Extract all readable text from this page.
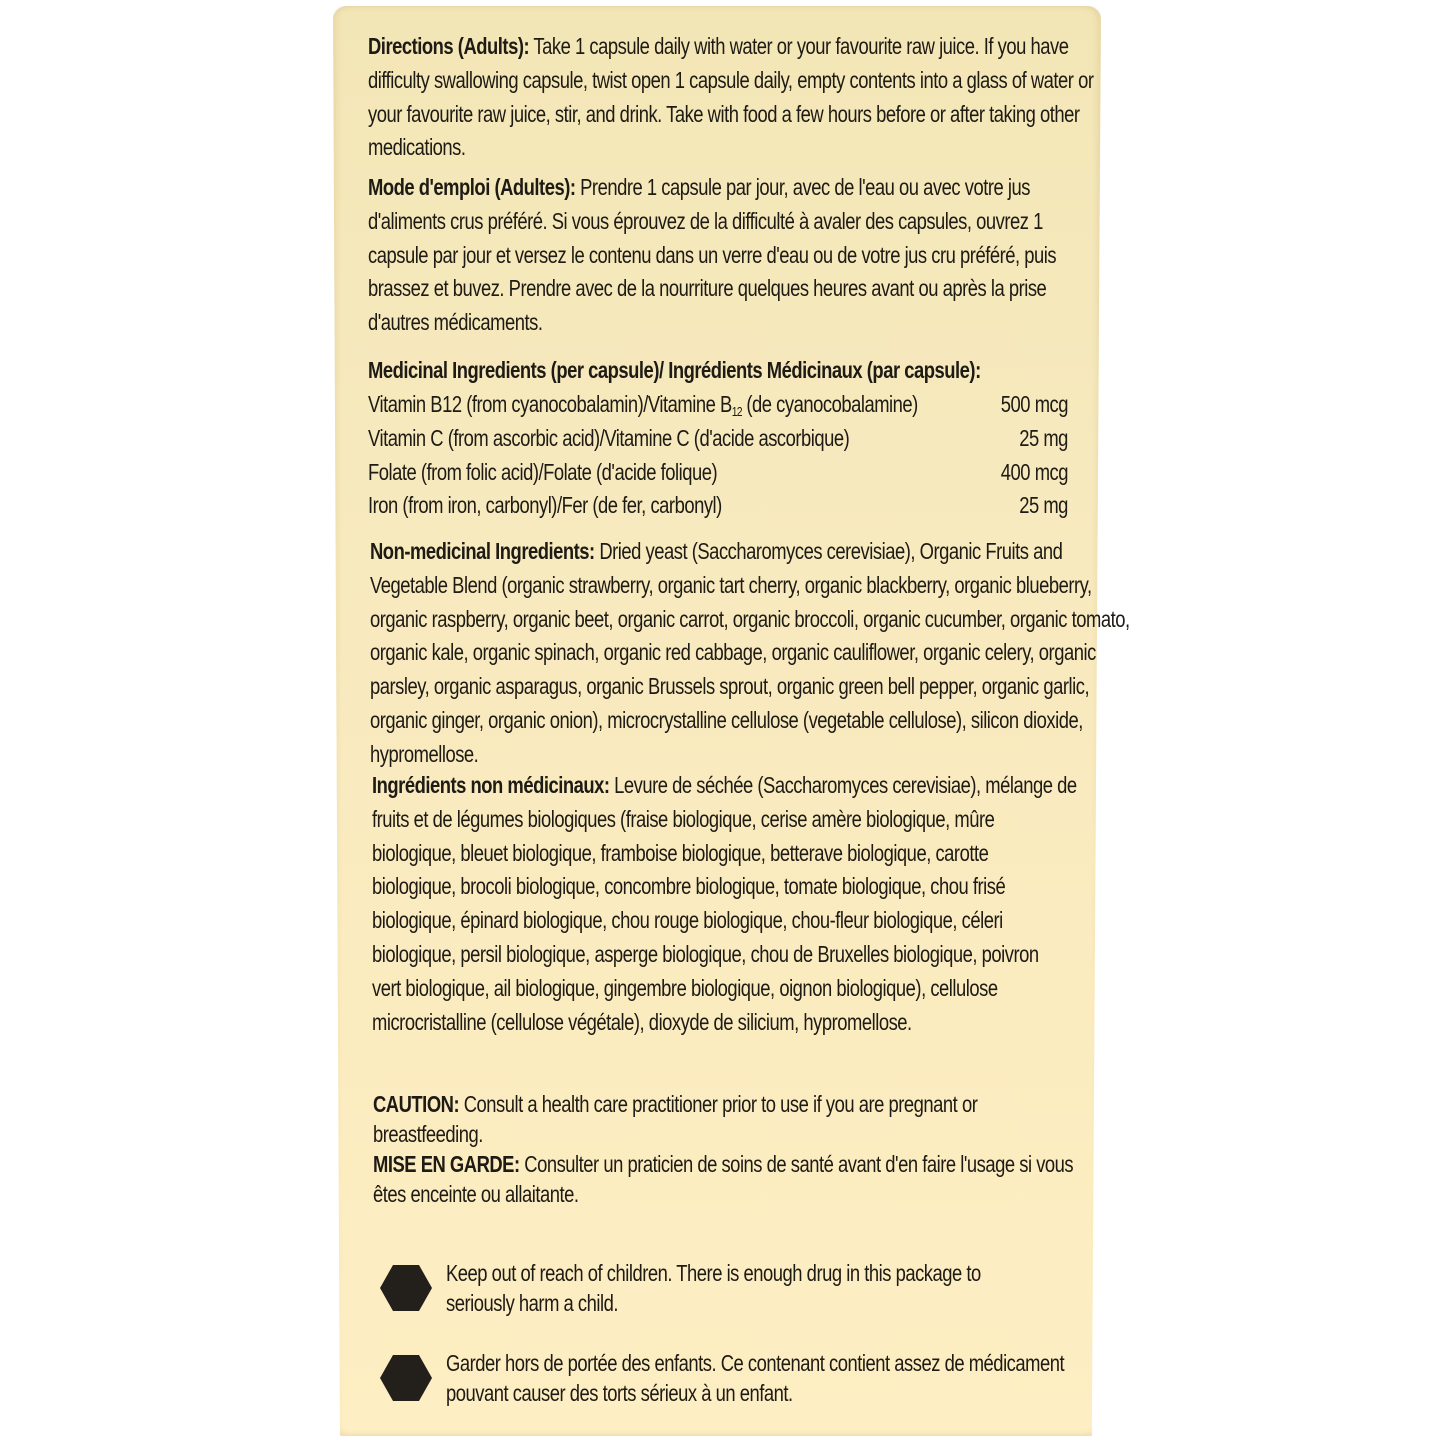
Directions (Adults): Take 1 capsule daily with water or your favourite raw juice. If you have

difficulty swallowing capsule, twist open 1 capsule daily, empty contents into a glass of water or

your favourite raw juice, stir, and drink. Take with food a few hours before or after taking other

medications.

Mode d'emploi (Adultes): Prendre 1 capsule par jour, avec de l'eau ou avec votre jus

d'aliments crus préféré. Si vous éprouvez de la difficulté à avaler des capsules, ouvrez 1

capsule par jour et versez le contenu dans un verre d'eau ou de votre jus cru préféré, puis

brassez et buvez. Prendre avec de la nourriture quelques heures avant ou après la prise

d'autres médicaments.

Medicinal Ingredients (per capsule)/ Ingrédients Médicinaux (par capsule):
Vitamin B12 (from cyanocobalamin)/Vitamine $B_{12}$ (de cyanocobalamine)	500 mcg
Vitamin C (from ascorbic acid)/Vitamine C (d'acide ascorbique)	25 mg
Folate (from folic acid)/Folate (d'acide folique)	400 mcg
Iron (from iron, carbonyl)/Fer (de fer, carbonyl)	25 mg

Non-medicinal Ingredients: Dried yeast (Saccharomyces cerevisiae), Organic Fruits and

Vegetable Blend (organic strawberry, organic tart cherry, organic blackberry, organic blueberry,

organic raspberry, organic beet, organic carrot, organic broccoli, organic cucumber, organic tomato,

organic kale, organic spinach, organic red cabbage, organic cauliflower, organic celery, organic

parsley, organic asparagus, organic Brussels sprout, organic green bell pepper, organic garlic,

organic ginger, organic onion), microcrystalline cellulose (vegetable cellulose), silicon dioxide,

hypromellose.

Ingrédients non médicinaux: Levure de séchée (Saccharomyces cerevisiae), mélange de

fruits et de légumes biologiques (fraise biologique, cerise amère biologique, mûre

biologique, bleuet biologique, framboise biologique, betterave biologique, carotte

biologique, brocoli biologique, concombre biologique, tomate biologique, chou frisé

biologique, épinard biologique, chou rouge biologique, chou-fleur biologique, céleri

biologique, persil biologique, asperge biologique, chou de Bruxelles biologique, poivron

vert biologique, ail biologique, gingembre biologique, oignon biologique), cellulose

microcristalline (cellulose végétale), dioxyde de silicium, hypromellose.

CAUTION: Consult a health care practitioner prior to use if you are pregnant or

breastfeeding.

MISE EN GARDE: Consulter un praticien de soins de santé avant d'en faire l'usage si vous

êtes enceinte ou allaitante.

Keep out of reach of children. There is enough drug in this package to
seriously harm a child.
Garder hors de portée des enfants. Ce contenant contient assez de médicament
pouvant causer des torts sérieux à un enfant.
